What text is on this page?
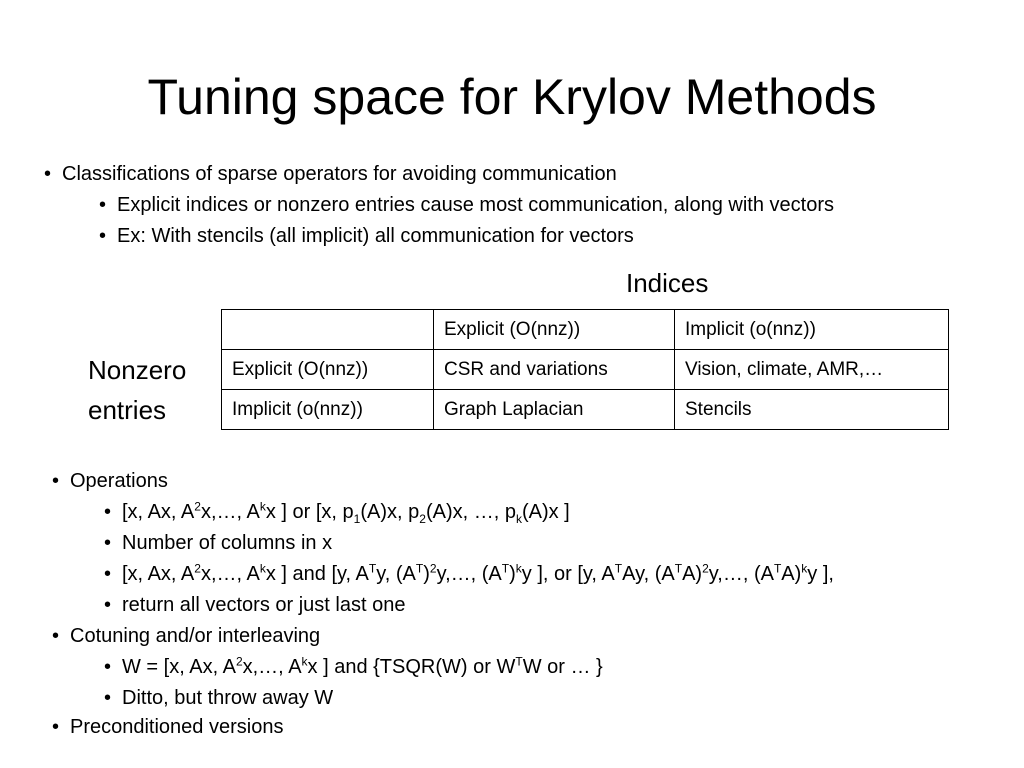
Tuning space for Krylov Methods
• Classifications of sparse operators for avoiding communication
• Explicit indices or nonzero entries cause most communication, along with vectors
• Ex: With stencils (all implicit) all communication for vectors
Indices
Nonzero
entries
	Explicit (O(nnz))	Implicit (o(nnz))
Explicit (O(nnz))	CSR and variations	Vision, climate, AMR,…
Implicit (o(nnz))	Graph Laplacian	Stencils
• Operations
• [x, Ax, $A^2x,\dots$, $A^kx$ ] or [x, $p_1(A)x$, $p_2(A)x$, …, $p_k(A)x$ ]
• Number of columns in x
• [x, Ax, $A^2x,\dots$, $A^kx$ ] and [y, $A^Ty$, $(A^T)^2y,\dots$, $(A^T)^ky$ ], or [y, $A^TAy$, $(A^TA)^2y,\dots$, $(A^TA)^ky$ ],
• return all vectors or just last one
• Cotuning and/or interleaving
• W = [x, Ax, $A^2x,\dots$, $A^kx$ ] and {TSQR(W) or $W^TW$ or … }
• Ditto, but throw away W
• Preconditioned versions
